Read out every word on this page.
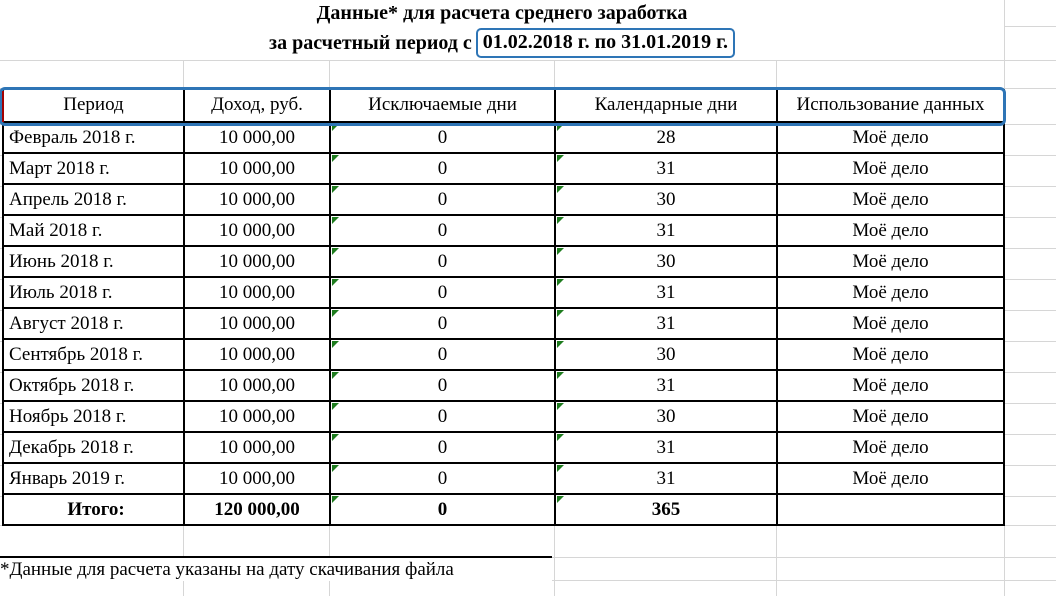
Данные* для расчета среднего заработка
за расчетный период с 01.02.2018 г. по 31.01.2019 г.
Период	Доход, руб.	Исключаемые дни	Календарные дни	Использование данных
Февраль 2018 г.	10 000,00	0	28	Моё дело
Март 2018 г.	10 000,00	0	31	Моё дело
Апрель 2018 г.	10 000,00	0	30	Моё дело
Май 2018 г.	10 000,00	0	31	Моё дело
Июнь 2018 г.	10 000,00	0	30	Моё дело
Июль 2018 г.	10 000,00	0	31	Моё дело
Август 2018 г.	10 000,00	0	31	Моё дело
Сентябрь 2018 г.	10 000,00	0	30	Моё дело
Октябрь 2018 г.	10 000,00	0	31	Моё дело
Ноябрь 2018 г.	10 000,00	0	30	Моё дело
Декабрь 2018 г.	10 000,00	0	31	Моё дело
Январь 2019 г.	10 000,00	0	31	Моё дело
Итого:	120 000,00	0	365	
*Данные для расчета указаны на дату скачивания файла
